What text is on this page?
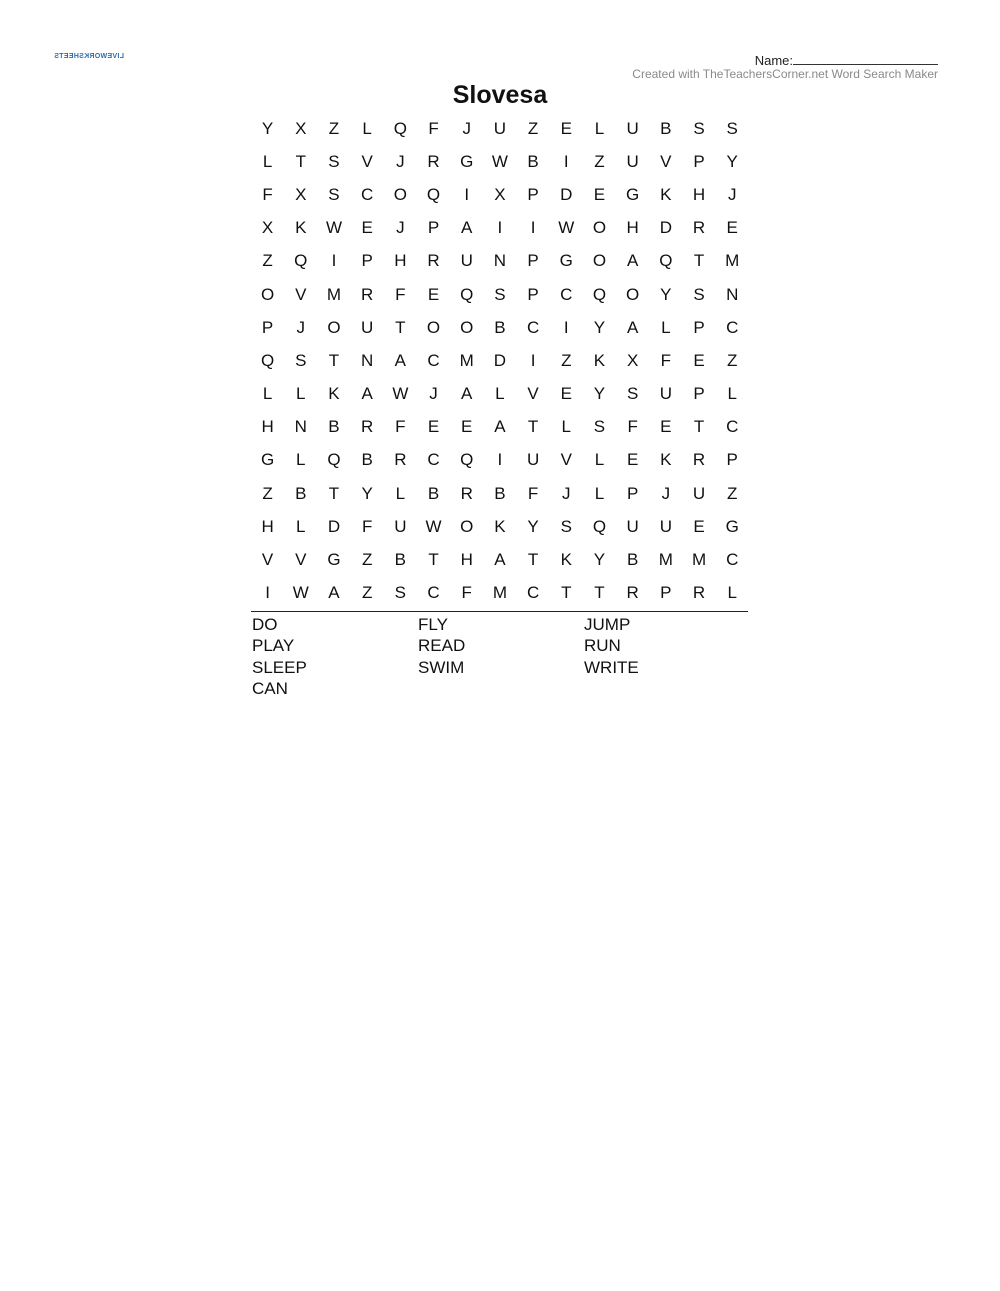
LIVEWORKSHEETS	Name:
Created with TheTeachersCorner.net Word Search Maker
Slovesa
Y	X	Z	L	Q	F	J	U	Z	E	L	U	B	S	S
L	T	S	V	J	R	G	W	B	I	Z	U	V	P	Y
F	X	S	C	O	Q	I	X	P	D	E	G	K	H	J
X	K	W	E	J	P	A	I	I	W	O	H	D	R	E
Z	Q	I	P	H	R	U	N	P	G	O	A	Q	T	M
O	V	M	R	F	E	Q	S	P	C	Q	O	Y	S	N
P	J	O	U	T	O	O	B	C	I	Y	A	L	P	C
Q	S	T	N	A	C	M	D	I	Z	K	X	F	E	Z
L	L	K	A	W	J	A	L	V	E	Y	S	U	P	L
H	N	B	R	F	E	E	A	T	L	S	F	E	T	C
G	L	Q	B	R	C	Q	I	U	V	L	E	K	R	P
Z	B	T	Y	L	B	R	B	F	J	L	P	J	U	Z
H	L	D	F	U	W	O	K	Y	S	Q	U	U	E	G
V	V	G	Z	B	T	H	A	T	K	Y	B	M	M	C
I	W	A	Z	S	C	F	M	C	T	T	R	P	R	L
DO	FLY	JUMP
PLAY	READ	RUN
SLEEP	SWIM	WRITE
CAN
